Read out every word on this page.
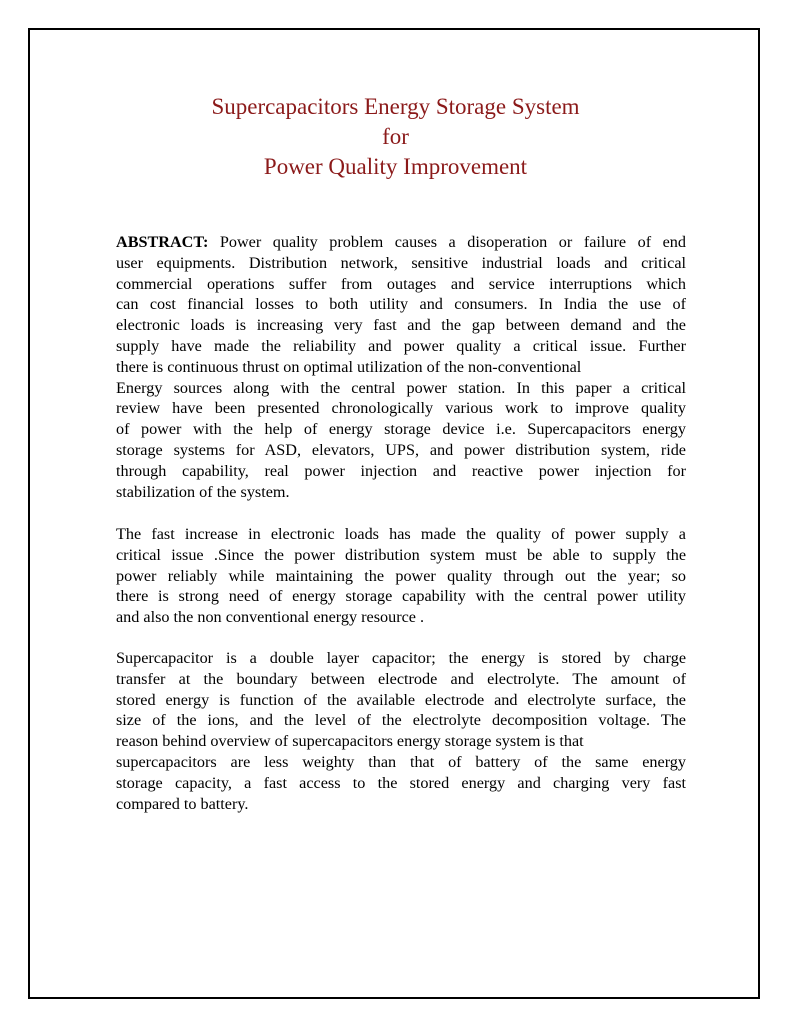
Supercapacitors Energy Storage System
for
Power Quality Improvement
ABSTRACT: Power quality problem causes a disoperation or failure of end
user equipments. Distribution network, sensitive industrial loads and critical
commercial operations suffer from outages and service interruptions which
can cost financial losses to both utility and consumers. In India the use of
electronic loads is increasing very fast and the gap between demand and the
supply have made the reliability and power quality a critical issue. Further
there is continuous thrust on optimal utilization of the non-conventional
Energy sources along with the central power station. In this paper a critical
review have been presented chronologically various work to improve quality
of power with the help of energy storage device i.e. Supercapacitors energy
storage systems for ASD, elevators, UPS, and power distribution system, ride
through capability, real power injection and reactive power injection for
stabilization of the system.
The fast increase in electronic loads has made the quality of power supply a
critical issue .Since the power distribution system must be able to supply the
power reliably while maintaining the power quality through out the year; so
there is strong need of energy storage capability with the central power utility
and also the non conventional energy resource .
Supercapacitor is a double layer capacitor; the energy is stored by charge
transfer at the boundary between electrode and electrolyte. The amount of
stored energy is function of the available electrode and electrolyte surface, the
size of the ions, and the level of the electrolyte decomposition voltage. The
reason behind overview of supercapacitors energy storage system is that
supercapacitors are less weighty than that of battery of the same energy
storage capacity, a fast access to the stored energy and charging very fast
compared to battery.
